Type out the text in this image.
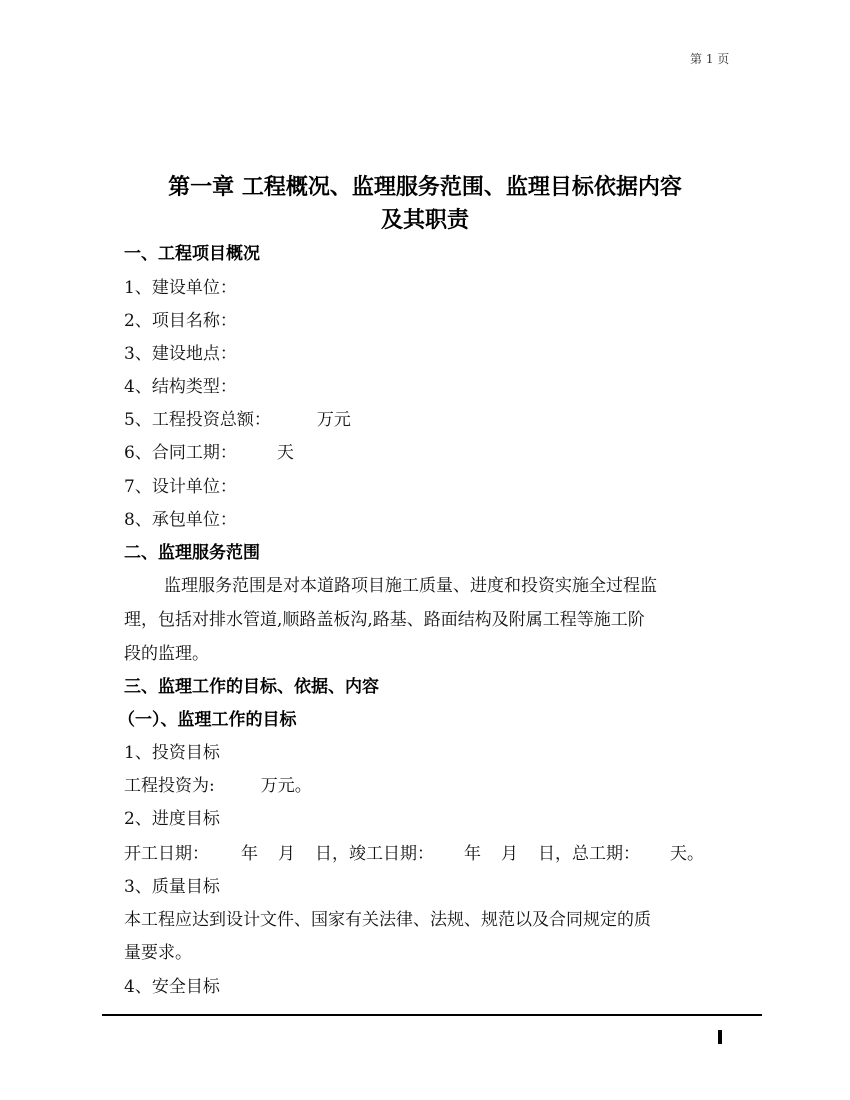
第 1 页
第一章 工程概况、监理服务范围、监理目标依据内容
及其职责
一、工程项目概况
1、建设单位：
2、项目名称：
3、建设地点：
4、结构类型：
5、工程投资总额：	万元
6、合同工期： 天
7、设计单位：
8、承包单位：
二、监理服务范围
监理服务范围是对本道路项目施工质量、进度和投资实施全过程监
理，包括对排水管道,顺路盖板沟,路基、路面结构及附属工程等施工阶
段的监理。
三、监理工作的目标、依据、内容
（一）、监理工作的目标
1、投资目标
工程投资为:	万元。
2、进度目标
开工日期： 年 月 日，竣工日期： 年 月 日，总工期： 天。
3、质量目标
本工程应达到设计文件、国家有关法律、法规、规范以及合同规定的质
量要求。
4、安全目标
